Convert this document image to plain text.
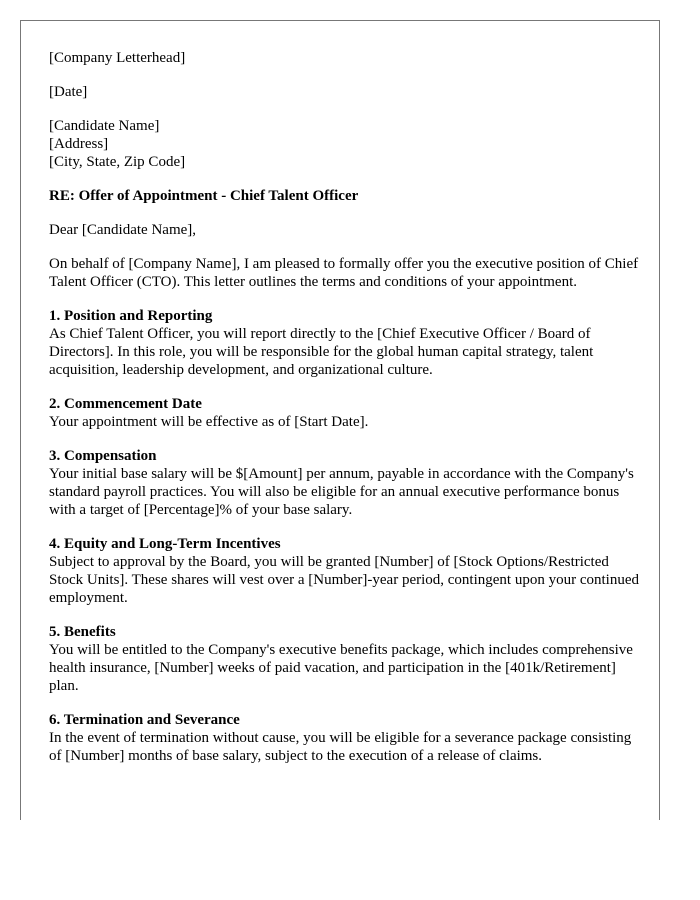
[Company Letterhead]

[Date]

[Candidate Name]

[Address]

[City, State, Zip Code]

RE: Offer of Appointment - Chief Talent Officer

Dear [Candidate Name],

On behalf of [Company Name], I am pleased to formally offer you the executive position of Chief Talent Officer (CTO). This letter outlines the terms and conditions of your appointment.

1. Position and Reporting

As Chief Talent Officer, you will report directly to the [Chief Executive Officer / Board of Directors]. In this role, you will be responsible for the global human capital strategy, talent acquisition, leadership development, and organizational culture.

2. Commencement Date

Your appointment will be effective as of [Start Date].

3. Compensation

Your initial base salary will be $[Amount] per annum, payable in accordance with the Company's standard payroll practices. You will also be eligible for an annual executive performance bonus with a target of [Percentage]% of your base salary.

4. Equity and Long-Term Incentives

Subject to approval by the Board, you will be granted [Number] of [Stock Options/Restricted Stock Units]. These shares will vest over a [Number]-year period, contingent upon your continued employment.

5. Benefits

You will be entitled to the Company's executive benefits package, which includes comprehensive health insurance, [Number] weeks of paid vacation, and participation in the [401k/Retirement] plan.

6. Termination and Severance

In the event of termination without cause, you will be eligible for a severance package consisting of [Number] months of base salary, subject to the execution of a release of claims.
